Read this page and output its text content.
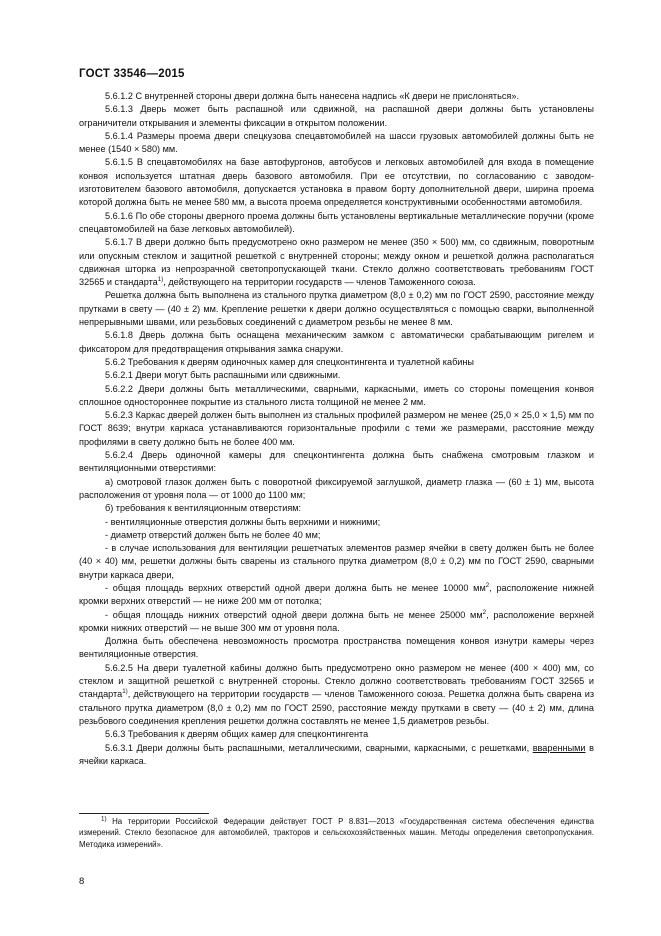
ГОСТ 33546—2015

5.6.1.2 С внутренней стороны двери должна быть нанесена надпись «К двери не прислоняться».

5.6.1.3 Дверь может быть распашной или сдвижной, на распашной двери должны быть установлены ограничители открывания и элементы фиксации в открытом положении.

5.6.1.4 Размеры проема двери спецкузова спецавтомобилей на шасси грузовых автомобилей должны быть не менее (1540 × 580) мм.

5.6.1.5 В спецавтомобилях на базе автофургонов, автобусов и легковых автомобилей для входа в помещение конвоя используется штатная дверь базового автомобиля. При ее отсутствии, по согласованию с заводом-изготовителем базового автомобиля, допускается установка в правом борту дополнительной двери, ширина проема которой должна быть не менее 580 мм, а высота проема определяется конструктивными особенностями автомобиля.

5.6.1.6 По обе стороны дверного проема должны быть установлены вертикальные металлические поручни (кроме спецавтомобилей на базе легковых автомобилей).

5.6.1.7 В двери должно быть предусмотрено окно размером не менее (350 × 500) мм, со сдвижным, поворотным или опускным стеклом и защитной решеткой с внутренней стороны; между окном и решеткой должна располагаться сдвижная шторка из непрозрачной светопропускающей ткани. Стекло должно соответствовать требованиям ГОСТ 32565 и стандарта$^{1)}$, действующего на территории государств — членов Таможенного союза.

Решетка должна быть выполнена из стального прутка диаметром (8,0 ± 0,2) мм по ГОСТ 2590, расстояние между прутками в свету — (40 ± 2) мм. Крепление решетки к двери должно осуществляться с помощью сварки, выполненной непрерывными швами, или резьбовых соединений с диаметром резьбы не менее 8 мм.

5.6.1.8 Дверь должна быть оснащена механическим замком с автоматически срабатывающим ригелем и фиксатором для предотвращения открывания замка снаружи.

5.6.2 Требования к дверям одиночных камер для спецконтингента и туалетной кабины

5.6.2.1 Двери могут быть распашными или сдвижными.

5.6.2.2 Двери должны быть металлическими, сварными, каркасными, иметь со стороны помещения конвоя сплошное одностороннее покрытие из стального листа толщиной не менее 2 мм.

5.6.2.3 Каркас дверей должен быть выполнен из стальных профилей размером не менее (25,0 × 25,0 × 1,5) мм по ГОСТ 8639; внутри каркаса устанавливаются горизонтальные профили с теми же размерами, расстояние между профилями в свету должно быть не более 400 мм.

5.6.2.4 Дверь одиночной камеры для спецконтингента должна быть снабжена смотровым глазком и вентиляционными отверстиями:

а) смотровой глазок должен быть с поворотной фиксируемой заглушкой, диаметр глазка — (60 ± 1) мм, высота расположения от уровня пола — от 1000 до 1100 мм;

б) требования к вентиляционным отверстиям:

- вентиляционные отверстия должны быть верхними и нижними;

- диаметр отверстий должен быть не более 40 мм;

- в случае использования для вентиляции решетчатых элементов размер ячейки в свету должен быть не более (40 × 40) мм, решетки должны быть сварены из стального прутка диаметром (8,0 ± 0,2) мм по ГОСТ 2590, сварными внутри каркаса двери,

- общая площадь верхних отверстий одной двери должна быть не менее 10000 $мм^2$, расположение нижней кромки верхних отверстий — не ниже 200 мм от потолка;

- общая площадь нижних отверстий одной двери должна быть не менее 25000 $мм^2$, расположение верхней кромки нижних отверстий — не выше 300 мм от уровня пола.

Должна быть обеспечена невозможность просмотра пространства помещения конвоя изнутри камеры через вентиляционные отверстия.

5.6.2.5 На двери туалетной кабины должно быть предусмотрено окно размером не менее (400 × 400) мм, со стеклом и защитной решеткой с внутренней стороны. Стекло должно соответствовать требованиям ГОСТ 32565 и стандарта$^{1)}$, действующего на территории государств — членов Таможенного союза. Решетка должна быть сварена из стального прутка диаметром (8,0 ± 0,2) мм по ГОСТ 2590, расстояние между прутками в свету — (40 ± 2) мм, длина резьбового соединения крепления решетки должна составлять не менее 1,5 диаметров резьбы.

5.6.3 Требования к дверям общих камер для спецконтингента

5.6.3.1 Двери должны быть распашными, металлическими, сварными, каркасными, с решетками, вваренными в ячейки каркаса.

$^{1)}$ На территории Российской Федерации действует ГОСТ Р 8.831—2013 «Государственная система обеспечения единства измерений. Стекло безопасное для автомобилей, тракторов и сельскохозяйственных машин. Методы определения светопропускания. Методика измерений».
8
